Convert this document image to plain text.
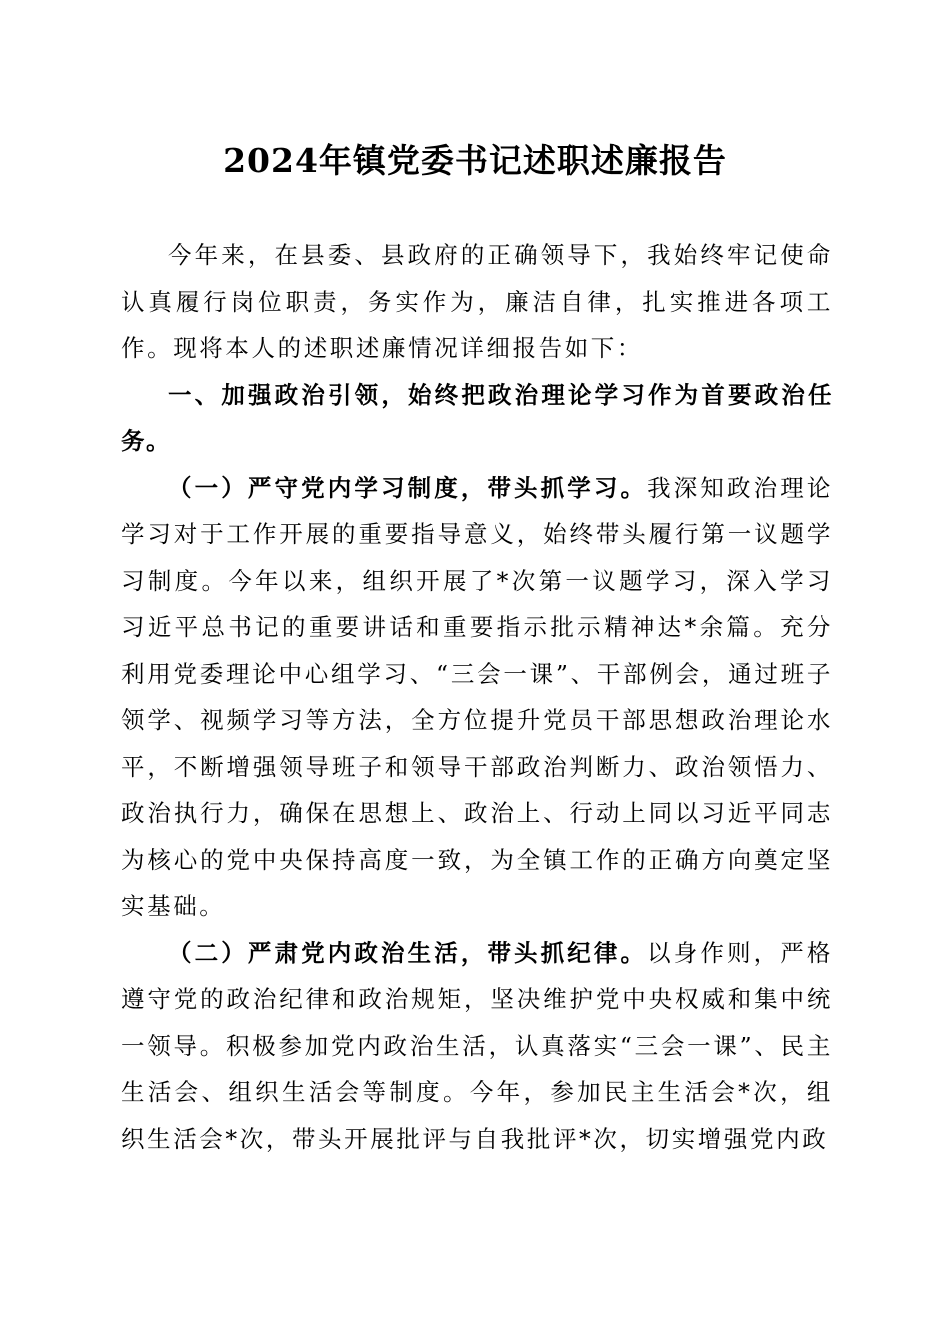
2024年镇党委书记述职述廉报告

今年来，在县委、县政府的正确领导下，我始终牢记使命认真履行岗位职责，务实作为，廉洁自律，扎实推进各项工作。现将本人的述职述廉情况详细报告如下：

一、加强政治引领，始终把政治理论学习作为首要政治任务。

（一）严守党内学习制度，带头抓学习。我深知政治理论学习对于工作开展的重要指导意义，始终带头履行第一议题学习制度。今年以来，组织开展了*次第一议题学习，深入学习习近平总书记的重要讲话和重要指示批示精神达*余篇。充分利用党委理论中心组学习、“三会一课”、干部例会，通过班子领学、视频学习等方法，全方位提升党员干部思想政治理论水平，不断增强领导班子和领导干部政治判断力、政治领悟力、政治执行力，确保在思想上、政治上、行动上同以习近平同志为核心的党中央保持高度一致，为全镇工作的正确方向奠定坚实基础。

（二）严肃党内政治生活，带头抓纪律。以身作则，严格遵守党的政治纪律和政治规矩，坚决维护党中央权威和集中统一领导。积极参加党内政治生活，认真落实“三会一课”、民主生活会、组织生活会等制度。今年，参加民主生活会*次，组织生活会*次，带头开展批评与自我批评*次，切实增强党内政
